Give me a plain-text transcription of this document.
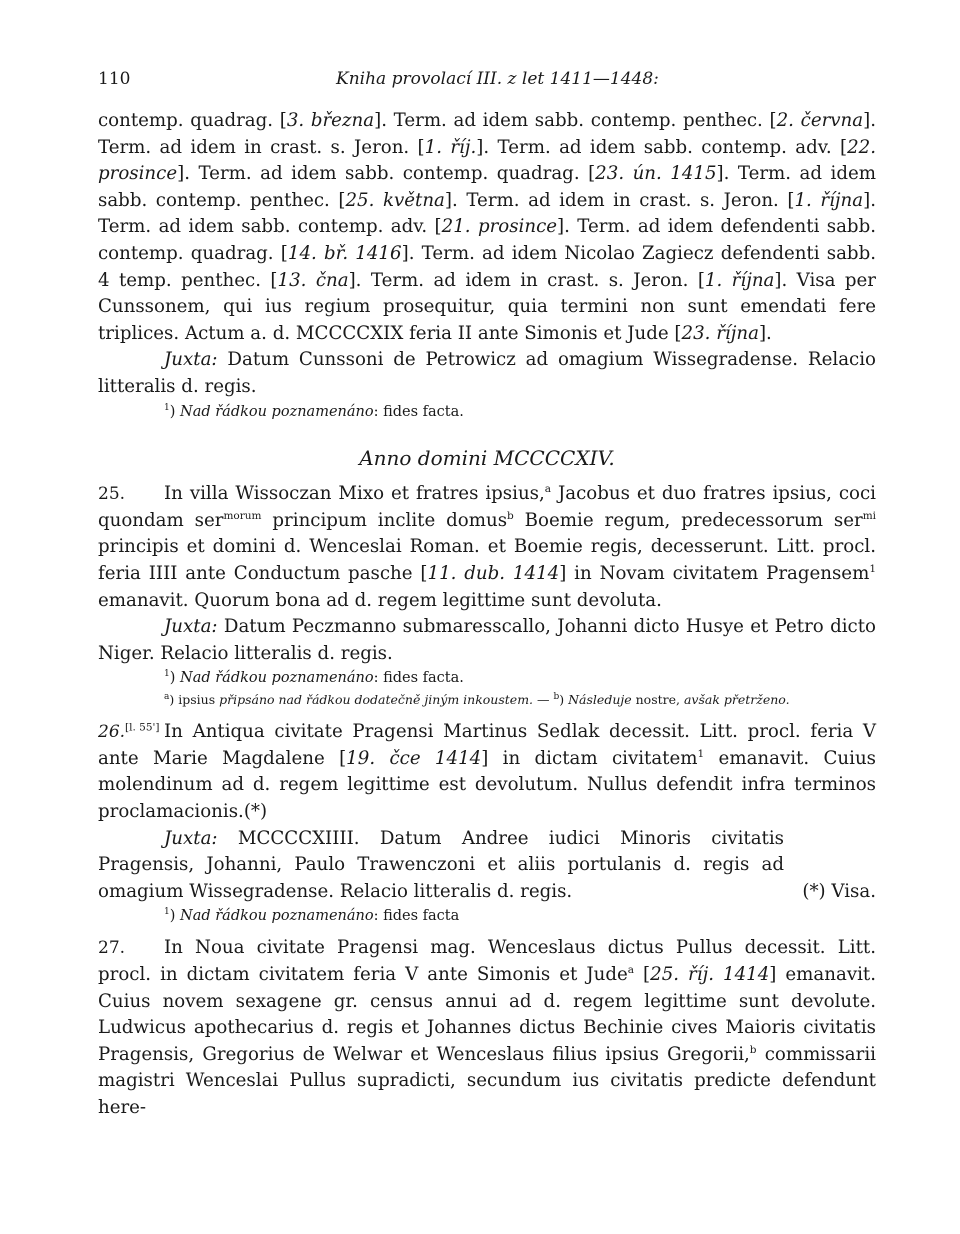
110	Kniha provolací III. z let 1411—1448:

contemp. quadrag. [3. března]. Term. ad idem sabb. contemp. penthec. [2. června]. Term. ad idem in crast. s. Jeron. [1. říj.]. Term. ad idem sabb. contemp. adv. [22. prosince]. Term. ad idem sabb. contemp. quadrag. [23. ún. 1415]. Term. ad idem sabb. contemp. penthec. [25. května]. Term. ad idem in crast. s. Jeron. [1. října]. Term. ad idem sabb. contemp. adv. [21. prosince]. Term. ad idem defendenti sabb. contemp. quadrag. [14. bř. 1416]. Term. ad idem Nicolao Zagiecz defendenti sabb. 4 temp. penthec. [13. čna]. Term. ad idem in crast. s. Jeron. [1. října]. Visa per Cunssonem, qui ius regium prosequitur, quia termini non sunt emendati fere triplices. Actum a. d. MCCCCXIX feria II ante Simonis et Jude [23. října].

Juxta: Datum Cunssoni de Petrowicz ad omagium Wissegradense. Relacio litteralis d. regis.

$^1$) Nad řádkou poznamenáno: fides facta.

Anno domini MCCCCXIV.

25. In villa Wissoczan Mixo et fratres ipsius,$^a$ Jacobus et duo fratres ipsius, coci quondam ser$^{morum}$ principum inclite domus$^b$ Boemie regum, predecessorum ser$^{mi}$ principis et domini d. Wenceslai Roman. et Boemie regis, decesserunt. Litt. procl. feria IIII ante Conductum pasche [11. dub. 1414] in Novam civitatem Pragensem$^1$ emanavit. Quorum bona ad d. regem legittime sunt devoluta.

Juxta: Datum Peczmanno submaresscallo, Johanni dicto Husye et Petro dicto Niger. Relacio litteralis d. regis.

$^1$) Nad řádkou poznamenáno: fides facta.

$^a$) ipsius připsáno nad řádkou dodatečně jiným inkoustem. — $^b$) Následuje nostre, avšak přetrženo.

26.[l. 55'] In Antiqua civitate Pragensi Martinus Sedlak decessit. Litt. procl. feria V ante Marie Magdalene [19. čce 1414] in dictam civitatem$^1$ emanavit. Cuius molendinum ad d. regem legittime est devolutum. Nullus defendit infra terminos proclamacionis.(*)

Juxta: MCCCCXIIII. Datum Andree iudici Minoris civitatis Pragensis, Johanni, Paulo Trawenczoni et aliis portulanis d. regis ad omagium Wissegradense. Relacio litteralis d. regis.	(*) Visa.

$^1$) Nad řádkou poznamenáno: fides facta

27. In Noua civitate Pragensi mag. Wenceslaus dictus Pullus decessit. Litt. procl. in dictam civitatem feria V ante Simonis et Jude$^a$ [25. říj. 1414] emanavit. Cuius novem sexagene gr. census annui ad d. regem legittime sunt devolute. Ludwicus apothecarius d. regis et Johannes dictus Bechinie cives Maioris civitatis Pragensis, Gregorius de Welwar et Wenceslaus filius ipsius Gregorii,$^b$ commissarii magistri Wenceslai Pullus supradicti, secundum ius civitatis predicte defendunt here-
